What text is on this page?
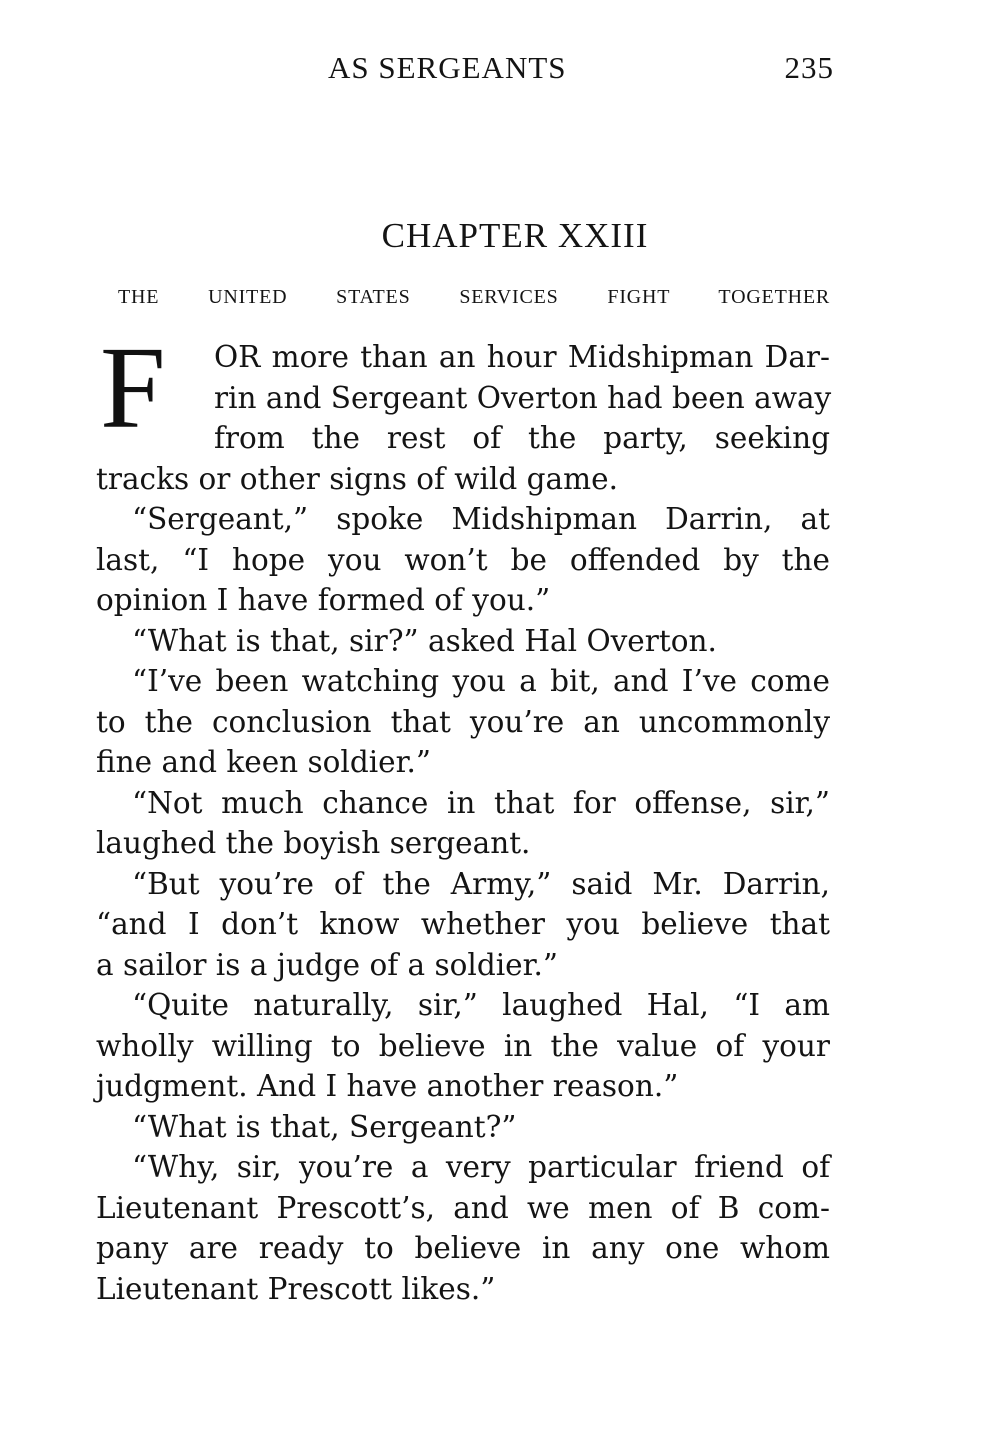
AS SERGEANTS	235
CHAPTER XXIII
THE UNITED STATES SERVICES FIGHT TOGETHER
F	OR more than an hour Midshipman Dar-
rin and Sergeant Overton had been away
from the rest of the party, seeking
tracks or other signs of wild game.
“Sergeant,” spoke Midshipman Darrin, at
last, “I hope you won’t be offended by the
opinion I have formed of you.”
“What is that, sir?” asked Hal Overton.
“I’ve been watching you a bit, and I’ve come
to the conclusion that you’re an uncommonly
fine and keen soldier.”
“Not much chance in that for offense, sir,”
laughed the boyish sergeant.
“But you’re of the Army,” said Mr. Darrin,
“and I don’t know whether you believe that
a sailor is a judge of a soldier.”
“Quite naturally, sir,” laughed Hal, “I am
wholly willing to believe in the value of your
judgment. And I have another reason.”
“What is that, Sergeant?”
“Why, sir, you’re a very particular friend of
Lieutenant Prescott’s, and we men of B com-
pany are ready to believe in any one whom
Lieutenant Prescott likes.”
